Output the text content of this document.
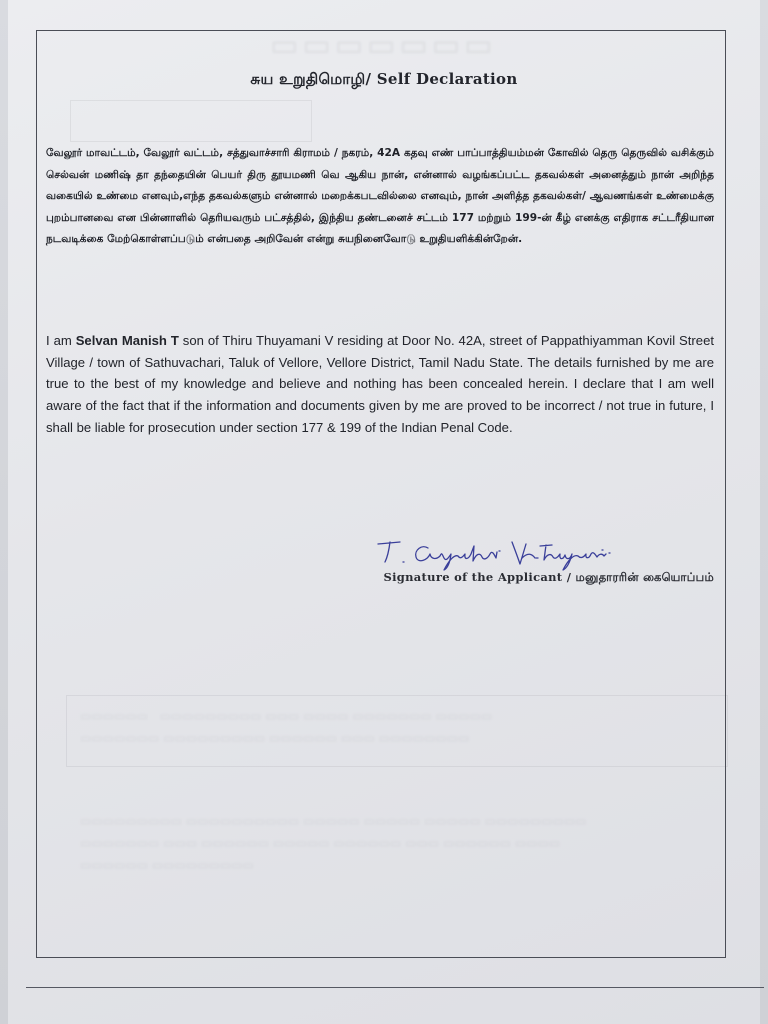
▭▭▭▭▭▭▭
▭▭▭▭▭▭   ▭▭▭▭▭▭▭▭▭ ▭▭▭ ▭▭▭▭ ▭▭▭▭▭▭▭ ▭▭▭▭▭
▭▭▭▭▭▭▭ ▭▭▭▭▭▭▭▭▭ ▭▭▭▭▭▭ ▭▭▭ ▭▭▭▭▭▭▭▭
▭▭▭▭▭▭▭▭▭ ▭▭▭▭▭▭▭▭▭▭ ▭▭▭▭▭ ▭▭▭▭▭ ▭▭▭▭▭ ▭▭▭▭▭▭▭▭▭
▭▭▭▭▭▭▭ ▭▭▭ ▭▭▭▭▭▭ ▭▭▭▭▭ ▭▭▭▭▭▭ ▭▭▭ ▭▭▭▭▭▭ ▭▭▭▭
▭▭▭▭▭▭ ▭▭▭▭▭▭▭▭▭
சுய உறுதிமொழி/ Self Declaration
வேலூர் மாவட்டம், வேலூர் வட்டம், சத்துவாச்சாரி கிராமம் / நகரம், 42A கதவு எண் பாப்பாத்தியம்மன் கோவில் தெரு தெருவில் வசிக்கும் செல்வன் மணிஷ் தா தந்தையின் பெயர் திரு தூயமணி வெ ஆகிய நான், என்னால் வழங்கப்பட்ட தகவல்கள் அனைத்தும் நான் அறிந்த வகையில் உண்மை எனவும்,எந்த தகவல்களும் என்னால் மறைக்கபடவில்லை எனவும், நான் அளித்த தகவல்கள்/ ஆவணங்கள் உண்மைக்கு புறம்பானவை என பின்னாளில் தெரியவரும் பட்சத்தில், இந்திய தண்டனைச் சட்டம் 177 மற்றும் 199-ன் கீழ் எனக்கு எதிராக சட்டரீதியான நடவடிக்கை மேற்கொள்ளப்படும் என்பதை அறிவேன் என்று சுயநினைவோடு உறுதியளிக்கின்றேன்.
I am Selvan Manish T son of Thiru Thuyamani V residing at Door No. 42A, street of Pappathiyamman Kovil Street Village / town of Sathuvachari, Taluk of Vellore, Vellore District, Tamil Nadu State. The details furnished by me are true to the best of my knowledge and believe and nothing has been concealed herein. I declare that I am well aware of the fact that if the information and documents given by me are proved to be incorrect / not true in future, I shall be liable for prosecution under section 177 & 199 of the Indian Penal Code.
Signature of the Applicant / மனுதாரரின் கையொப்பம்
